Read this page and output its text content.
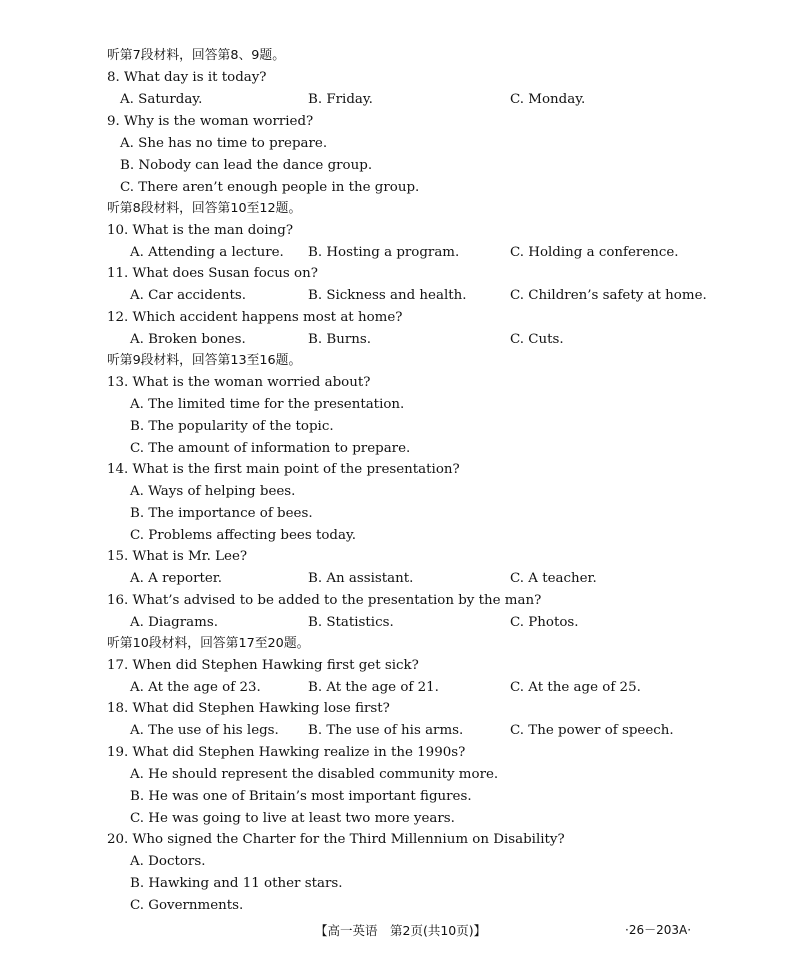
听第7段材料，回答第8、9题。
8. What day is it today?
A. Saturday.	B. Friday.	C. Monday.
9. Why is the woman worried?
A. She has no time to prepare.
B. Nobody can lead the dance group.
C. There aren’t enough people in the group.
听第8段材料，回答第10至12题。
10. What is the man doing?
A. Attending a lecture. B. Hosting a program.	C. Holding a conference.
11. What does Susan focus on?
A. Car accidents.	B. Sickness and health.	C. Children’s safety at home.
12. Which accident happens most at home?
A. Broken bones.	B. Burns.	C. Cuts.
听第9段材料，回答第13至16题。
13. What is the woman worried about?
A. The limited time for the presentation.
B. The popularity of the topic.
C. The amount of information to prepare.
14. What is the first main point of the presentation?
A. Ways of helping bees.
B. The importance of bees.
C. Problems affecting bees today.
15. What is Mr. Lee?
A. A reporter.	B. An assistant.	C. A teacher.
16. What’s advised to be added to the presentation by the man?
A. Diagrams.	B. Statistics.	C. Photos.
听第10段材料，回答第17至20题。
17. When did Stephen Hawking first get sick?
A. At the age of 23.	B. At the age of 21.	C. At the age of 25.
18. What did Stephen Hawking lose first?
A. The use of his legs. B. The use of his arms.	C. The power of speech.
19. What did Stephen Hawking realize in the 1990s?
A. He should represent the disabled community more.
B. He was one of Britain’s most important figures.
C. He was going to live at least two more years.
20. Who signed the Charter for the Third Millennium on Disability?
A. Doctors.
B. Hawking and 11 other stars.
C. Governments.
【高一英语　第2页(共10页)】	·26－203A·
